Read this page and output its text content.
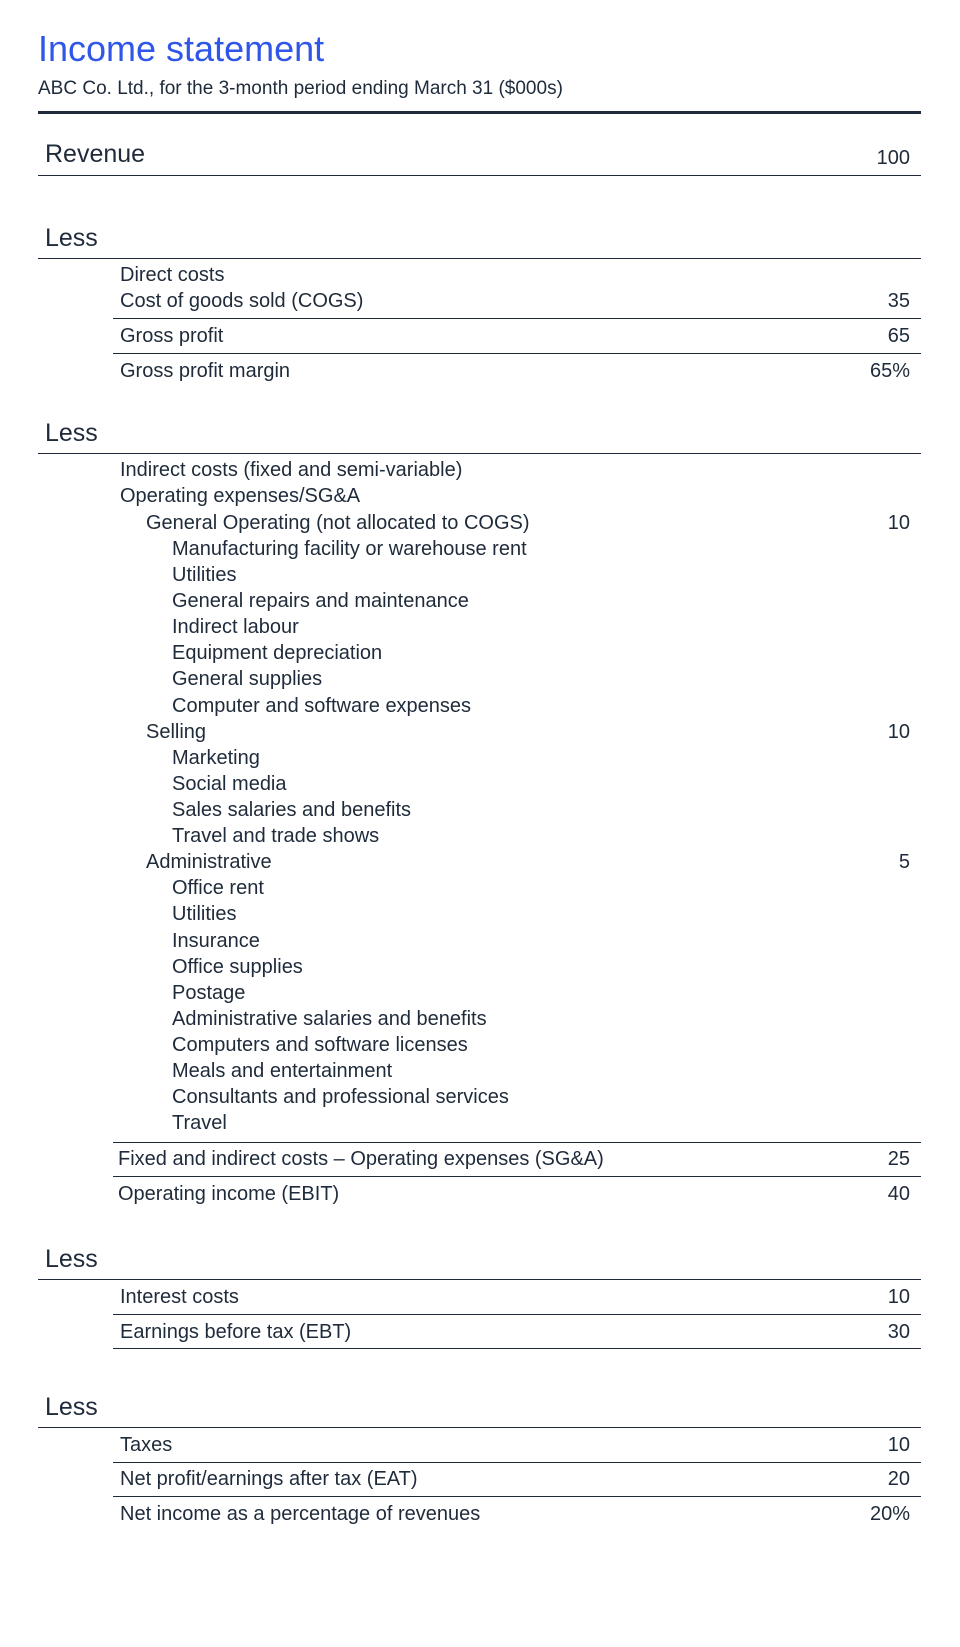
Income statement
ABC Co. Ltd., for the 3-month period ending March 31 ($000s)
Revenue	100
Less
Direct costs
Cost of goods sold (COGS)	35
Gross profit	65
Gross profit margin	65%
Less
Indirect costs (fixed and semi-variable)
Operating expenses/SG&A
General Operating (not allocated to COGS)	10
Manufacturing facility or warehouse rent
Utilities
General repairs and maintenance
Indirect labour
Equipment depreciation
General supplies
Computer and software expenses
Selling	10
Marketing
Social media
Sales salaries and benefits
Travel and trade shows
Administrative	5
Office rent
Utilities
Insurance
Office supplies
Postage
Administrative salaries and benefits
Computers and software licenses
Meals and entertainment
Consultants and professional services
Travel
Fixed and indirect costs – Operating expenses (SG&A)	25
Operating income (EBIT)	40
Less
Interest costs	10
Earnings before tax (EBT)	30
Less
Taxes	10
Net profit/earnings after tax (EAT)	20
Net income as a percentage of revenues	20%
